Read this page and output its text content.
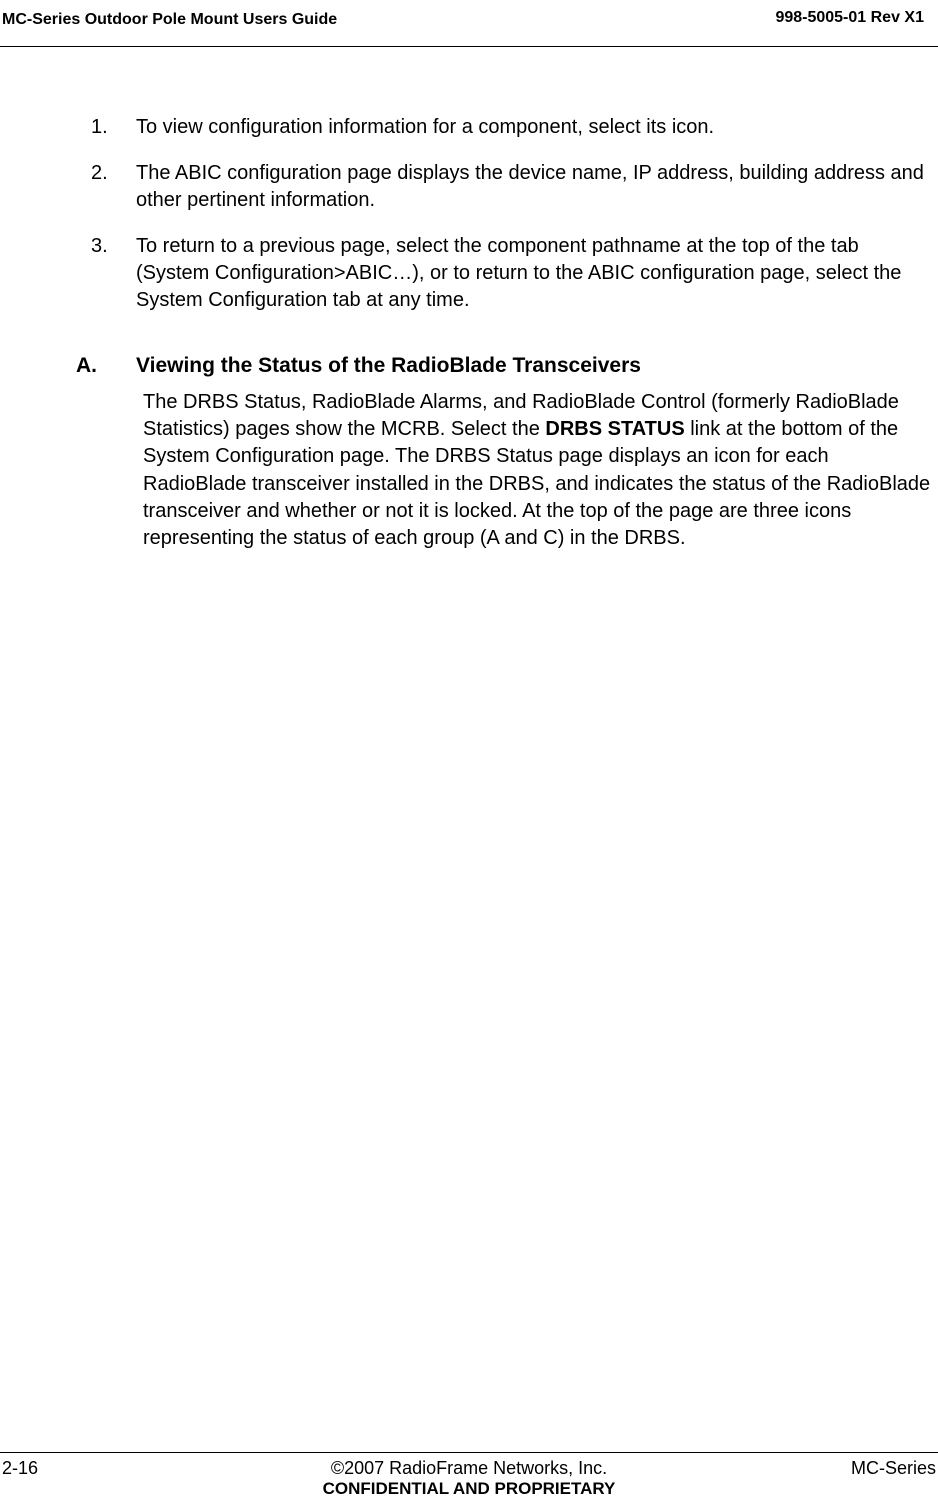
MC-Series Outdoor Pole Mount Users Guide	998-5005-01 Rev X1
1. To view configuration information for a component, select its icon.
2. The ABIC configuration page displays the device name, IP address, building address and other pertinent information.
3. To return to a previous page, select the component pathname at the top of the tab (System Configuration>ABIC…), or to return to the ABIC configuration page, select the System Configuration tab at any time.
A. Viewing the Status of the RadioBlade Transceivers
The DRBS Status, RadioBlade Alarms, and RadioBlade Control (formerly RadioBlade Statistics) pages show the MCRB. Select the DRBS STATUS link at the bottom of the System Configuration page. The DRBS Status page displays an icon for each RadioBlade transceiver installed in the DRBS, and indicates the status of the RadioBlade transceiver and whether or not it is locked. At the top of the page are three icons representing the status of each group (A and C) in the DRBS.
2-16	©2007 RadioFrame Networks, Inc.
CONFIDENTIAL AND PROPRIETARY
MC-Series
